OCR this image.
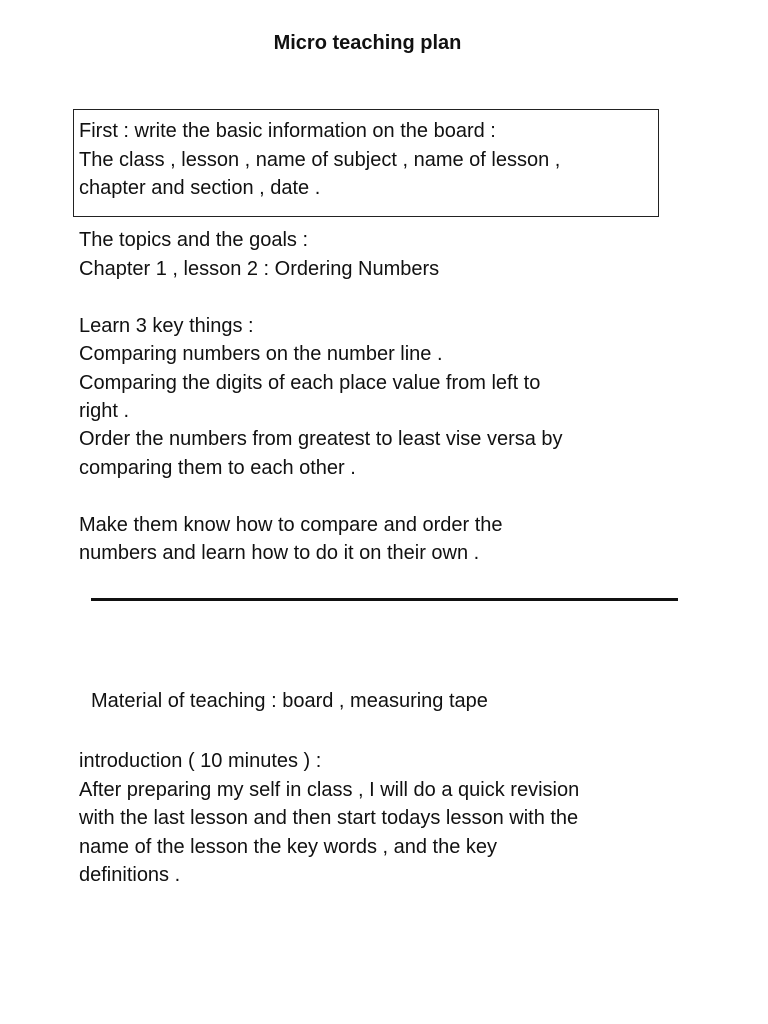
Micro teaching plan
First : write the basic information on the board :
The class , lesson , name of subject , name of lesson ,
chapter and section , date .
The topics and the goals :
Chapter 1 , lesson 2 : Ordering Numbers
Learn 3 key things :
Comparing numbers on the number line .
Comparing the digits of each place value from left to
right .
Order the numbers from greatest to least vise versa by
comparing them to each other .
Make them know how to compare and order the
numbers and learn how to do it on their own .
Material of teaching : board , measuring tape
introduction ( 10 minutes ) :
After preparing my self in class , I will do a quick revision
with the last lesson and then start todays lesson with the
name of the lesson the key words , and the key
definitions .
